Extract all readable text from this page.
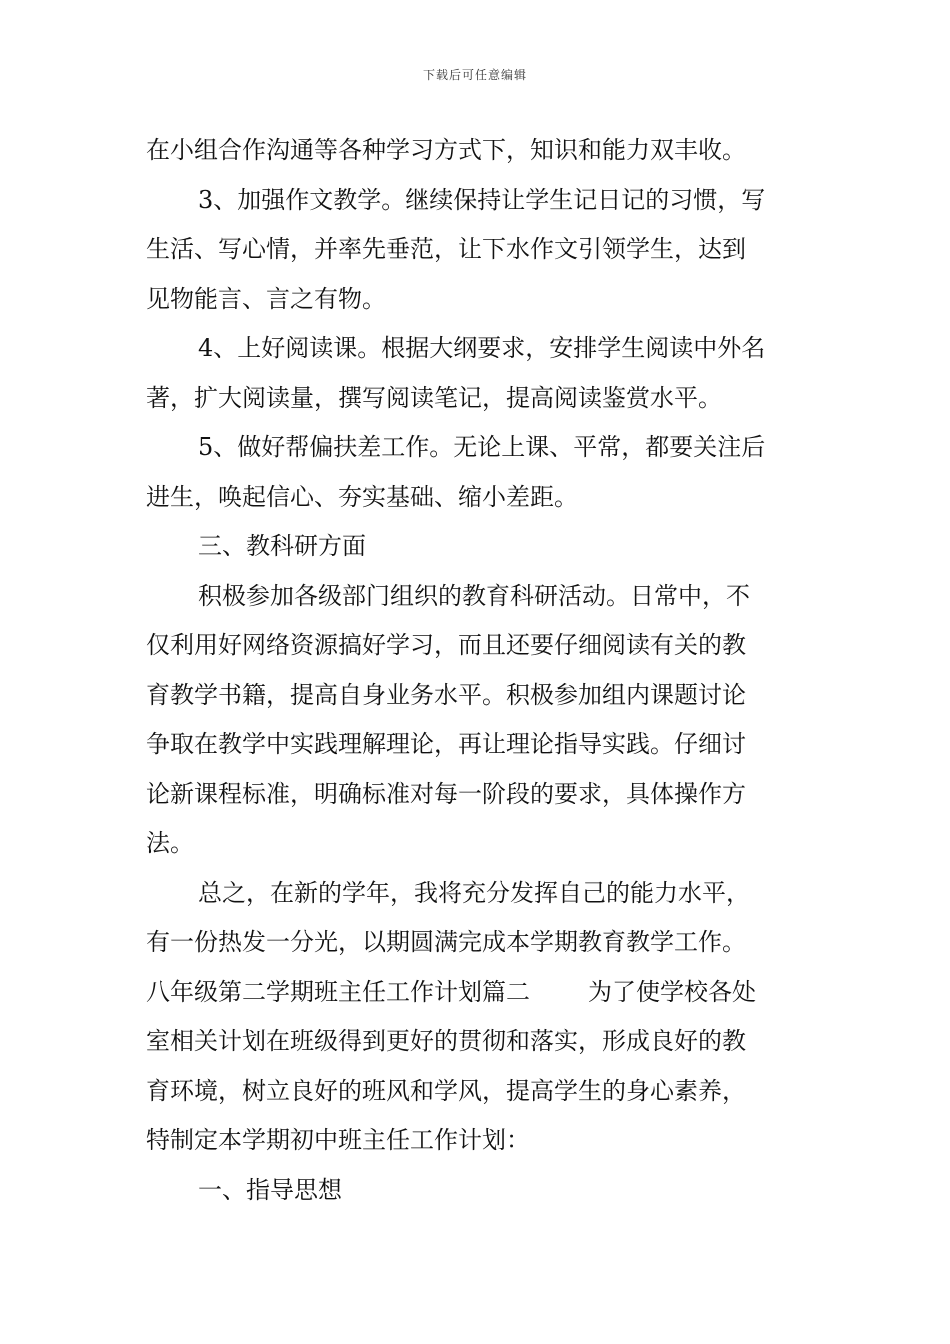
下载后可任意编辑
在小组合作沟通等各种学习方式下，知识和能力双丰收。
3、加强作文教学。继续保持让学生记日记的习惯，写
生活、写心情，并率先垂范，让下水作文引领学生，达到
见物能言、言之有物。
4、上好阅读课。根据大纲要求，安排学生阅读中外名
著，扩大阅读量，撰写阅读笔记，提高阅读鉴赏水平。
5、做好帮偏扶差工作。无论上课、平常，都要关注后
进生，唤起信心、夯实基础、缩小差距。
三、教科研方面
积极参加各级部门组织的教育科研活动。日常中，不
仅利用好网络资源搞好学习，而且还要仔细阅读有关的教
育教学书籍，提高自身业务水平。积极参加组内课题讨论
争取在教学中实践理解理论，再让理论指导实践。仔细讨
论新课程标准，明确标准对每一阶段的要求，具体操作方
法。
总之，在新的学年，我将充分发挥自己的能力水平，
有一份热发一分光，以期圆满完成本学期教育教学工作。
八年级第二学期班主任工作计划篇二 为了使学校各处
室相关计划在班级得到更好的贯彻和落实，形成良好的教
育环境，树立良好的班风和学风，提高学生的身心素养，
特制定本学期初中班主任工作计划：
一、指导思想
